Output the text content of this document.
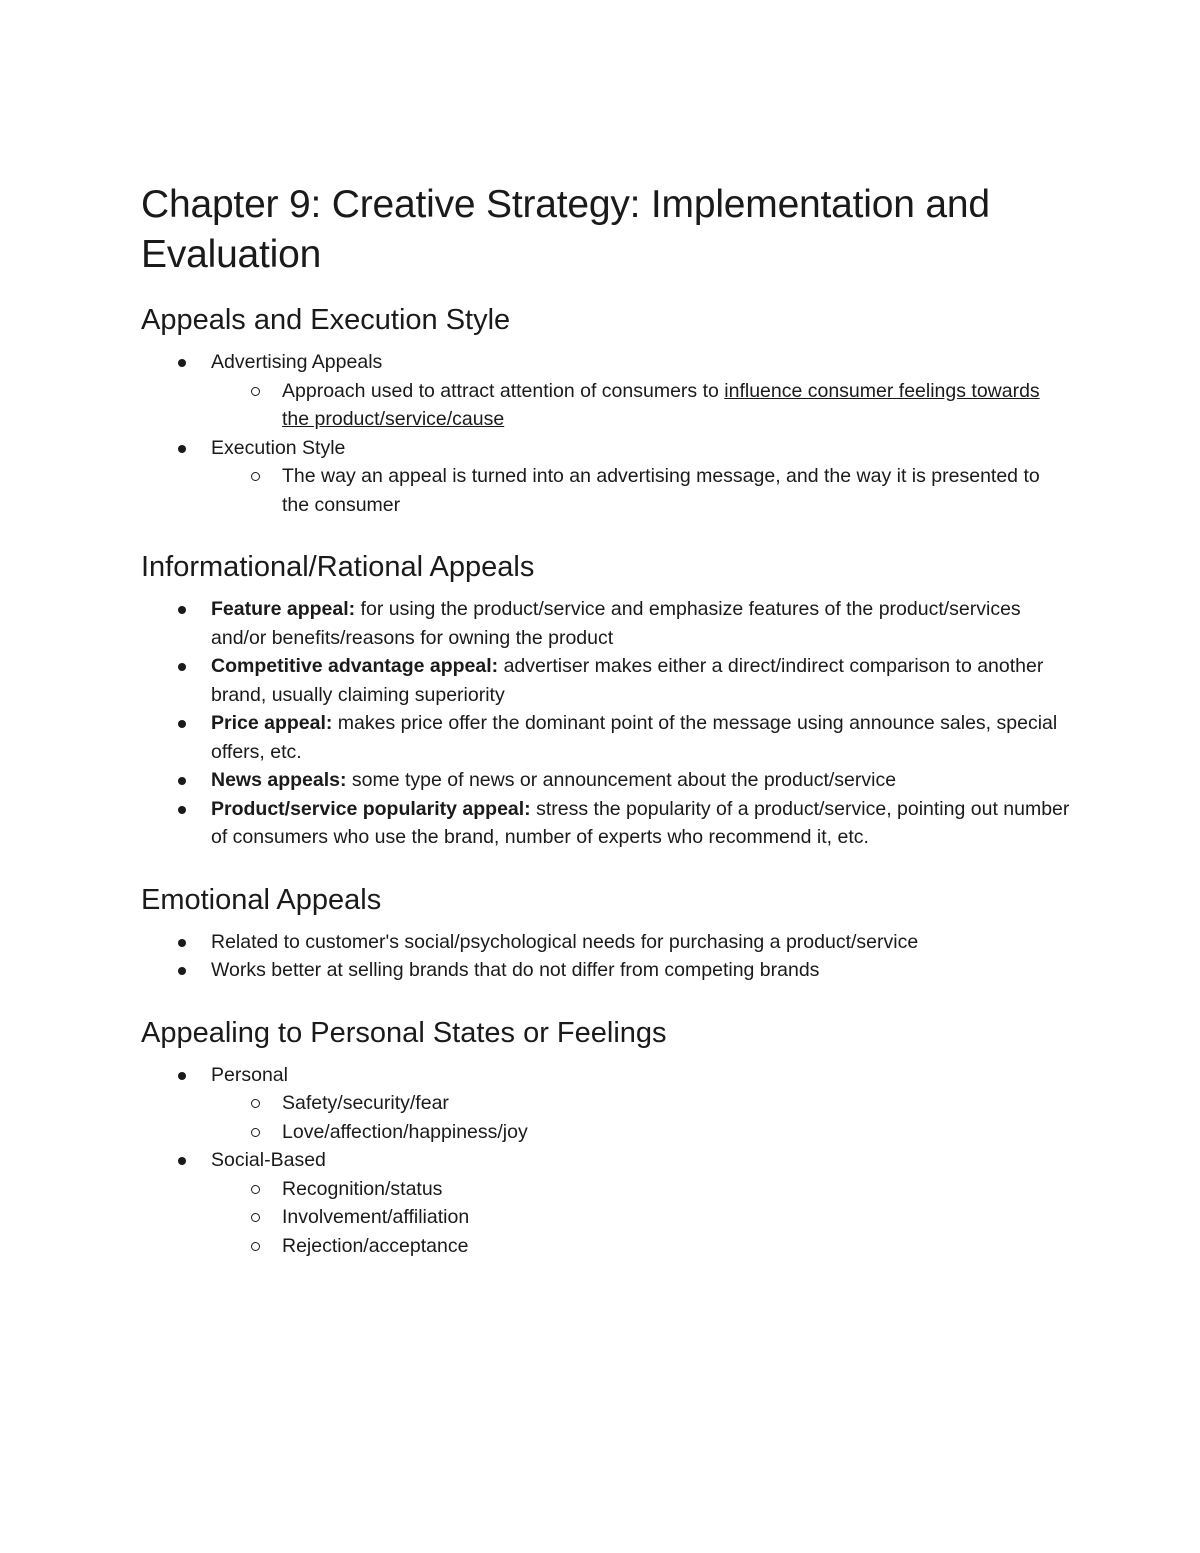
Chapter 9: Creative Strategy: Implementation and Evaluation
Appeals and Execution Style
Advertising Appeals
Approach used to attract attention of consumers to influence consumer feelings towards the product/service/cause
Execution Style
The way an appeal is turned into an advertising message, and the way it is presented to the consumer
Informational/Rational Appeals
Feature appeal: for using the product/service and emphasize features of the product/services and/or benefits/reasons for owning the product
Competitive advantage appeal: advertiser makes either a direct/indirect comparison to another brand, usually claiming superiority
Price appeal: makes price offer the dominant point of the message using announce sales, special offers, etc.
News appeals: some type of news or announcement about the product/service
Product/service popularity appeal: stress the popularity of a product/service, pointing out number of consumers who use the brand, number of experts who recommend it, etc.
Emotional Appeals
Related to customer's social/psychological needs for purchasing a product/service
Works better at selling brands that do not differ from competing brands
Appealing to Personal States or Feelings
Personal
Safety/security/fear
Love/affection/happiness/joy
Social-Based
Recognition/status
Involvement/affiliation
Rejection/acceptance
